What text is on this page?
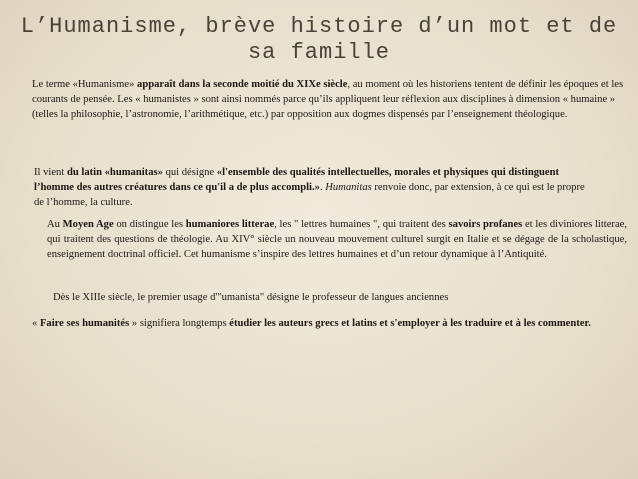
L’Humanisme, brève histoire d’un mot et de
sa famille
Le terme «Humanisme» apparaît dans la seconde moitié du XIXe siècle, au moment où les historiens tentent de définir les époques et les courants de pensée. Les « humanistes » sont ainsi nommés parce qu’ils appliquent leur réflexion aux disciplines à dimension « humaine » (telles la philosophie, l’astronomie, l’arithmétique, etc.) par opposition aux dogmes dispensés par l’enseignement théologique.
Il vient du latin «humanitas» qui désigne «l'ensemble des qualités intellectuelles, morales et physiques qui distinguent l’homme des autres créatures dans ce qu'il a de plus accompli.». Humanitas renvoie donc, par extension, à ce qui est le propre de l’homme, la culture.
Au Moyen Age on distingue les humaniores litterae, les " lettres humaines ", qui traitent des savoirs profanes et les diviniores litterae, qui traitent des questions de théologie. Au XIV° siècle un nouveau mouvement culturel surgit en Italie et se dégage de la scholastique, enseignement doctrinal officiel. Cet humanisme s’inspire des lettres humaines et d’un retour dynamique à l’Antiquité.
Dès le XIIIe siècle, le premier usage d'"umanista" désigne le professeur de langues anciennes
« Faire ses humanités » signifiera longtemps étudier les auteurs grecs et latins et s'employer à les traduire et à les commenter.
